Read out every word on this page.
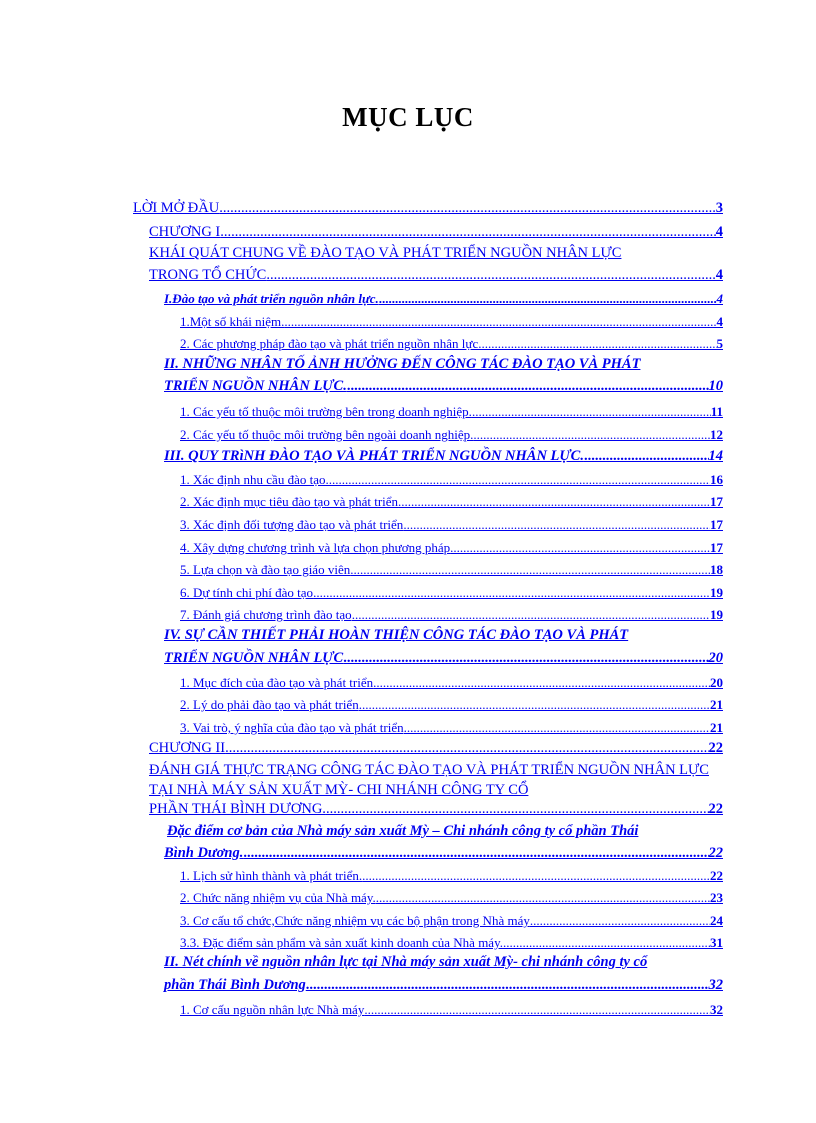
MỤC LỤC
LỜI MỞ ĐẦU .....	3
CHƯƠNG I .....	4
KHÁI QUÁT CHUNG VỀ ĐÀO TẠO VÀ PHÁT TRIỂN NGUỒN NHÂN LỰC
TRONG TỔ CHỨC .....	4
I.Đào tạo và phát triển nguồn nhân lực. .....	4
1.Một số khái niệm. .....	4
2. Các phương pháp đào tạo và phát triển nguồn nhân lực. .....	5
II. NHỮNG NHÂN TỐ ẢNH HƯỞNG ĐẾN CÔNG TÁC ĐÀO TẠO VÀ PHÁT
TRIỂN NGUỒN NHÂN LỰC. .....	10
1. Các yếu tố thuộc môi trường bên trong doanh nghiệp. .....	11
2. Các yếu tố thuộc môi trường bên ngoài doanh nghiệp. .....	12
III. QUY TRìNH ĐÀO TẠO VÀ PHÁT TRIỂN NGUỒN NHÂN LỰC. .....	14
1. Xác định nhu cầu đào tạo .....	16
2. Xác định mục tiêu đào tạo và phát triển .....	17
3. Xác định đối tượng đào tạo và phát triển .....	17
4. Xây dựng chương trình và lựa chọn phương pháp .....	17
5. Lựa chọn và đào tạo giáo viên .....	18
6. Dự tính chi phí đào tạo .....	19
7. Đánh giá chương trình đào tạo .....	19
IV. SỰ CẦN THIẾT PHẢI HOÀN THIỆN CÔNG TÁC ĐÀO TẠO VÀ PHÁT
TRIỂN NGUỒN NHÂN LỰC .....	20
1. Mục đích của đào tạo và phát triển .....	20
2. Lý do phải đào tạo và phát triển .....	21
3. Vai trò, ý nghĩa của đào tạo và phát triển .....	21
CHƯƠNG II .....	22
ĐÁNH GIÁ THỰC TRẠNG CÔNG TÁC ĐÀO TẠO VÀ PHÁT TRIỂN NGUỒN NHÂN LỰC TẠI NHÀ MÁY SẢN XUẤT MỲ- CHI NHÁNH CÔNG TY CỔ
PHẦN THÁI BÌNH DƯƠNG. .....	22
Đặc điểm cơ bản của Nhà máy sản xuất Mỳ – Chi nhánh công ty cổ phần Thái
Bình Dương. .....	22
1. Lịch sử hình thành và phát triển. .....	22
2. Chức năng nhiệm vụ của Nhà máy. .....	23
3. Cơ cấu tổ chức,Chức năng nhiệm vụ các bộ phận trong Nhà máy .....	24
3.3. Đặc điểm sản phẩm và sản xuất kinh doanh của Nhà máy. .....	31
II. Nét chính về nguồn nhân lực tại Nhà máy sản xuất Mỳ- chi nhánh công ty cổ
phần Thái Bình Dương .....	32
1. Cơ cấu nguồn nhân lực Nhà máy .....	32
